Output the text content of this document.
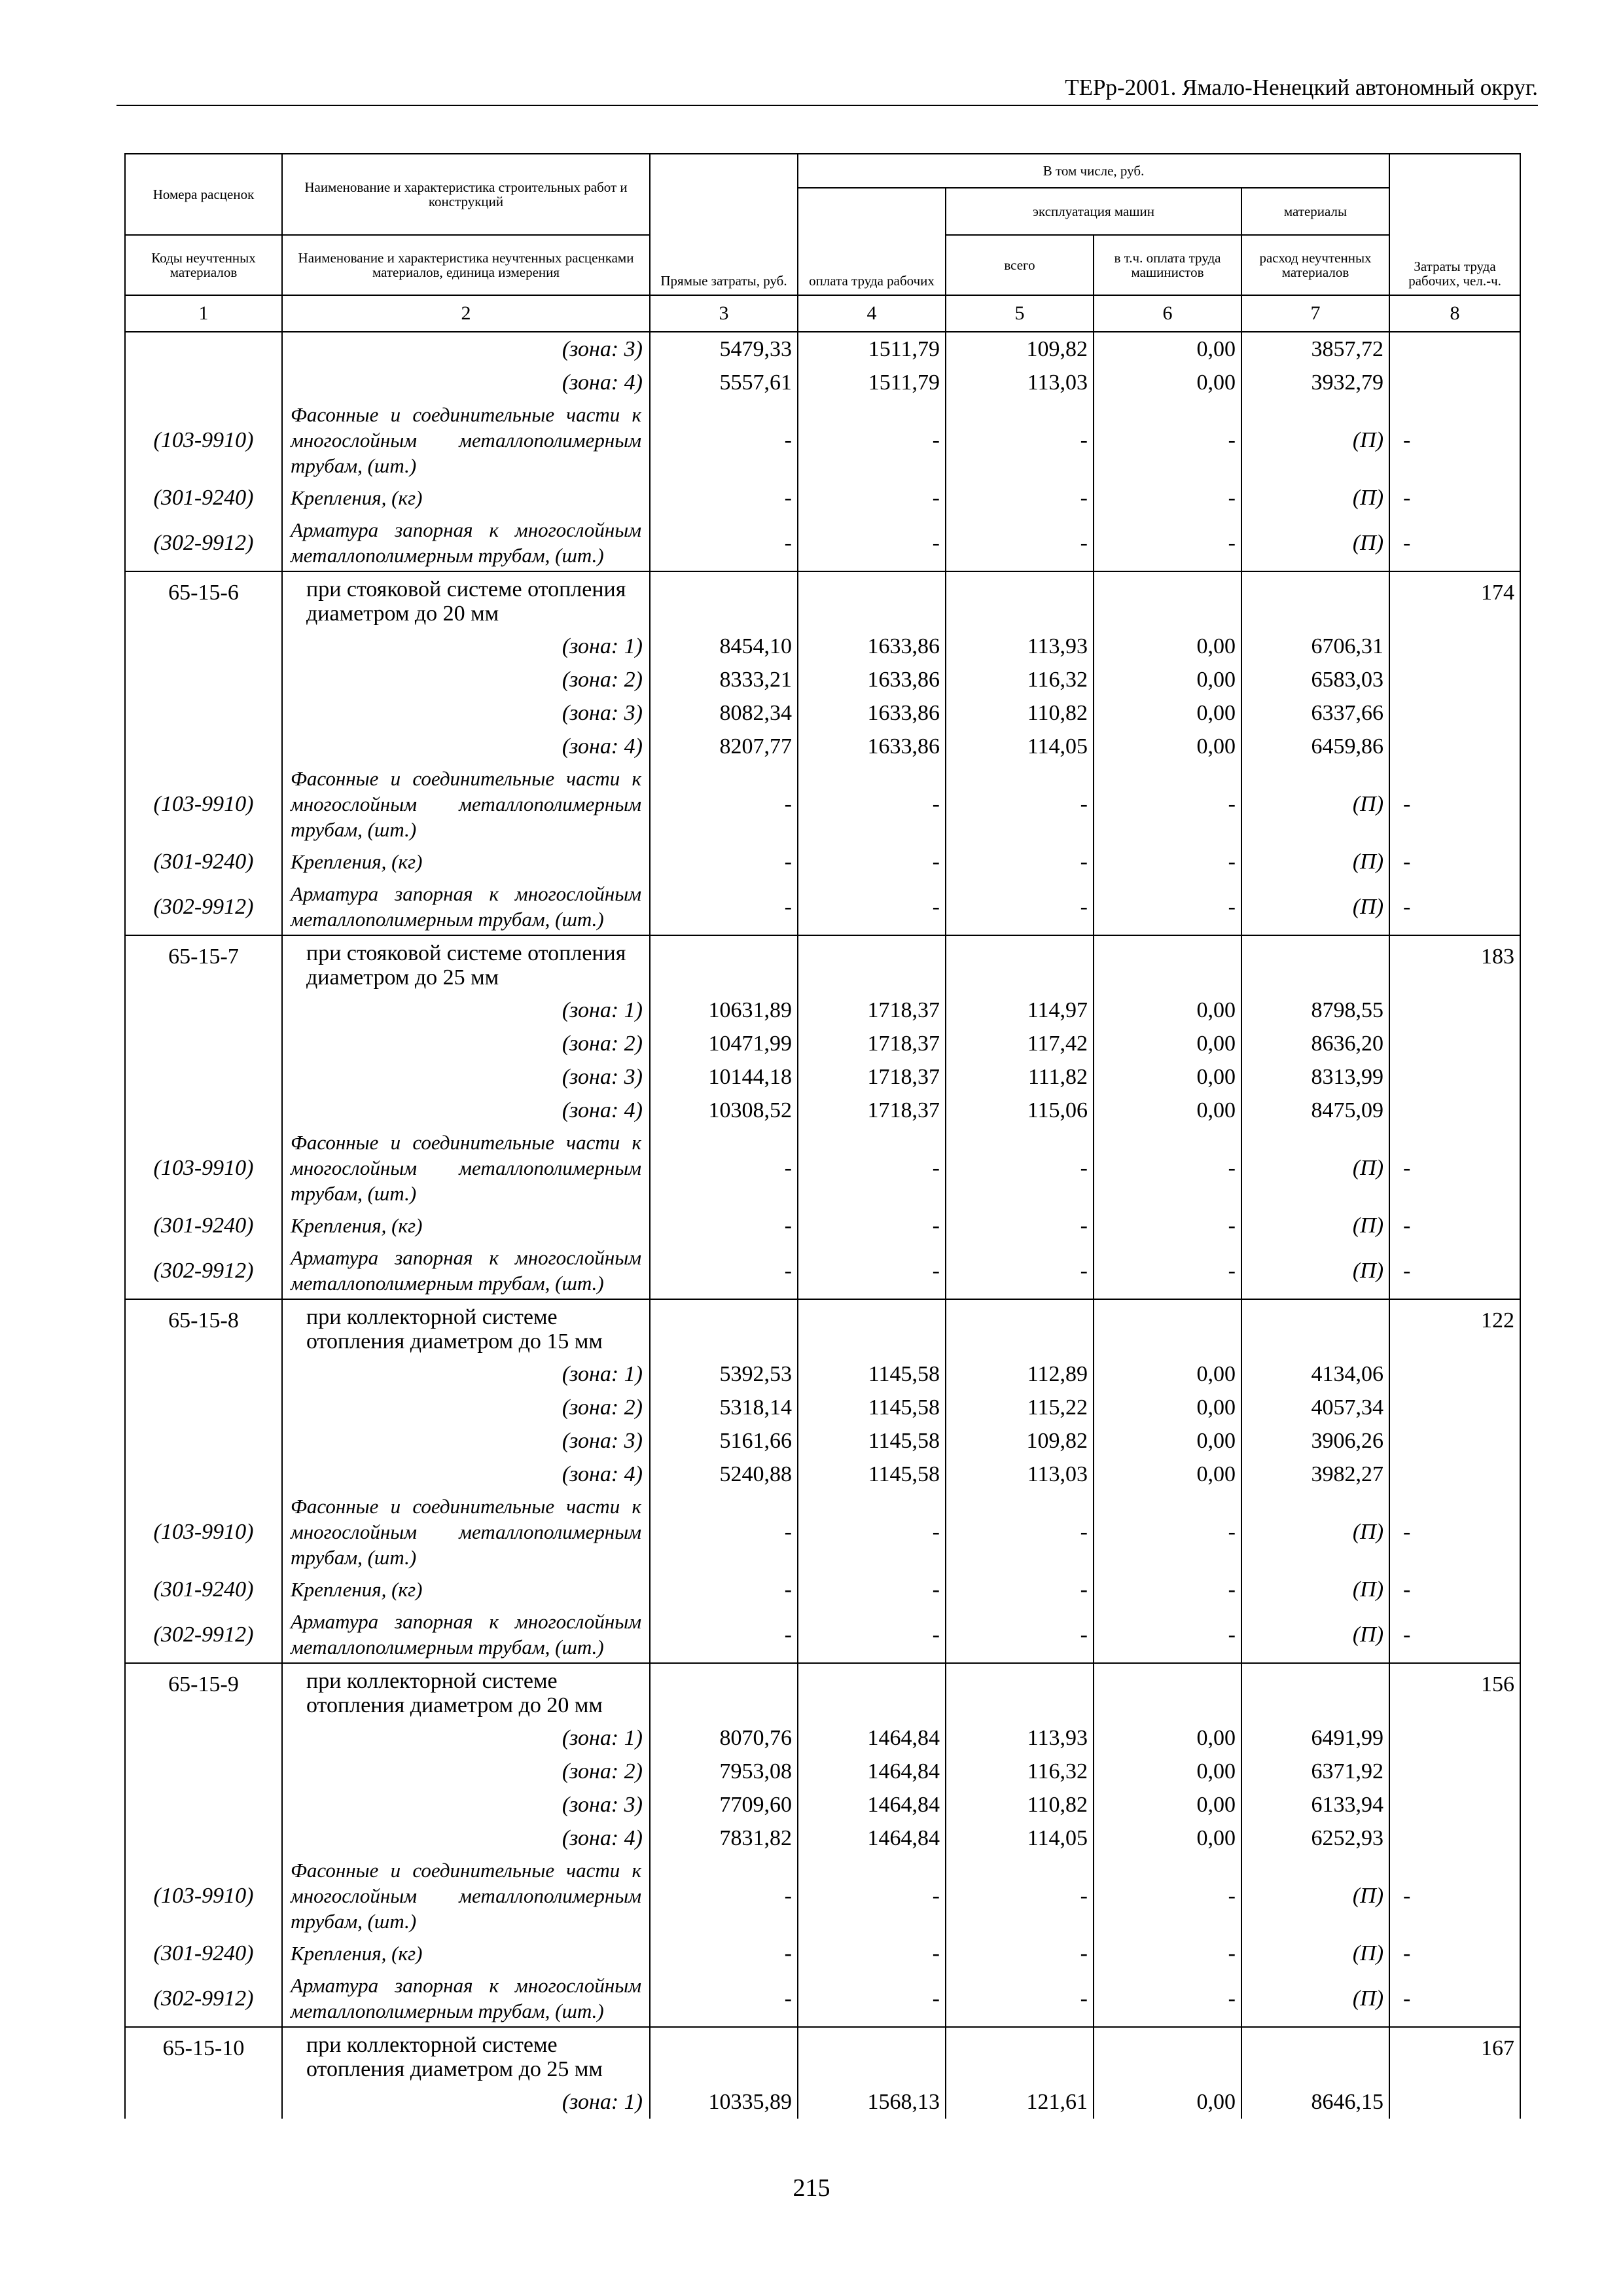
ТЕРр-2001. Ямало-Ненецкий автономный округ.
Номера расценок	Наименование и характеристика строительных работ и конструкций	Прямые затраты, руб.	В том числе, руб.				Затраты труда рабочих, чел.-ч.
			оплата труда рабочих	эксплуатация машин		материалы	
Коды неучтенных материалов	Наименование и характеристика неучтенных расценками материалов, единица измерения			всего	в т.ч. оплата труда машинистов	расход неучтенных материалов	
1	2	3	4	5	6	7	8
	(зона: 3)	5479,33	1511,79	109,82	0,00	3857,72	
	(зона: 4)	5557,61	1511,79	113,03	0,00	3932,79	
(103-9910)	Фасонные и соединительные части к многослойным металлополимерным трубам, (шт.)	-	-	-	-	(П)	-
(301-9240)	Крепления, (кг)	-	-	-	-	(П)	-
(302-9912)	Арматура запорная к многослойным металлополимерным трубам, (шт.)	-	-	-	-	(П)	-
65-15-6	при стояковой системе отопления диаметром до 20 мм						174
	(зона: 1)	8454,10	1633,86	113,93	0,00	6706,31	
	(зона: 2)	8333,21	1633,86	116,32	0,00	6583,03	
	(зона: 3)	8082,34	1633,86	110,82	0,00	6337,66	
	(зона: 4)	8207,77	1633,86	114,05	0,00	6459,86	
(103-9910)	Фасонные и соединительные части к многослойным металлополимерным трубам, (шт.)	-	-	-	-	(П)	-
(301-9240)	Крепления, (кг)	-	-	-	-	(П)	-
(302-9912)	Арматура запорная к многослойным металлополимерным трубам, (шт.)	-	-	-	-	(П)	-
65-15-7	при стояковой системе отопления диаметром до 25 мм						183
	(зона: 1)	10631,89	1718,37	114,97	0,00	8798,55	
	(зона: 2)	10471,99	1718,37	117,42	0,00	8636,20	
	(зона: 3)	10144,18	1718,37	111,82	0,00	8313,99	
	(зона: 4)	10308,52	1718,37	115,06	0,00	8475,09	
(103-9910)	Фасонные и соединительные части к многослойным металлополимерным трубам, (шт.)	-	-	-	-	(П)	-
(301-9240)	Крепления, (кг)	-	-	-	-	(П)	-
(302-9912)	Арматура запорная к многослойным металлополимерным трубам, (шт.)	-	-	-	-	(П)	-
65-15-8	при коллекторной системе отопления диаметром до 15 мм						122
	(зона: 1)	5392,53	1145,58	112,89	0,00	4134,06	
	(зона: 2)	5318,14	1145,58	115,22	0,00	4057,34	
	(зона: 3)	5161,66	1145,58	109,82	0,00	3906,26	
	(зона: 4)	5240,88	1145,58	113,03	0,00	3982,27	
(103-9910)	Фасонные и соединительные части к многослойным металлополимерным трубам, (шт.)	-	-	-	-	(П)	-
(301-9240)	Крепления, (кг)	-	-	-	-	(П)	-
(302-9912)	Арматура запорная к многослойным металлополимерным трубам, (шт.)	-	-	-	-	(П)	-
65-15-9	при коллекторной системе отопления диаметром до 20 мм						156
	(зона: 1)	8070,76	1464,84	113,93	0,00	6491,99	
	(зона: 2)	7953,08	1464,84	116,32	0,00	6371,92	
	(зона: 3)	7709,60	1464,84	110,82	0,00	6133,94	
	(зона: 4)	7831,82	1464,84	114,05	0,00	6252,93	
(103-9910)	Фасонные и соединительные части к многослойным металлополимерным трубам, (шт.)	-	-	-	-	(П)	-
(301-9240)	Крепления, (кг)	-	-	-	-	(П)	-
(302-9912)	Арматура запорная к многослойным металлополимерным трубам, (шт.)	-	-	-	-	(П)	-
65-15-10	при коллекторной системе отопления диаметром до 25 мм						167
	(зона: 1)	10335,89	1568,13	121,61	0,00	8646,15	
215
